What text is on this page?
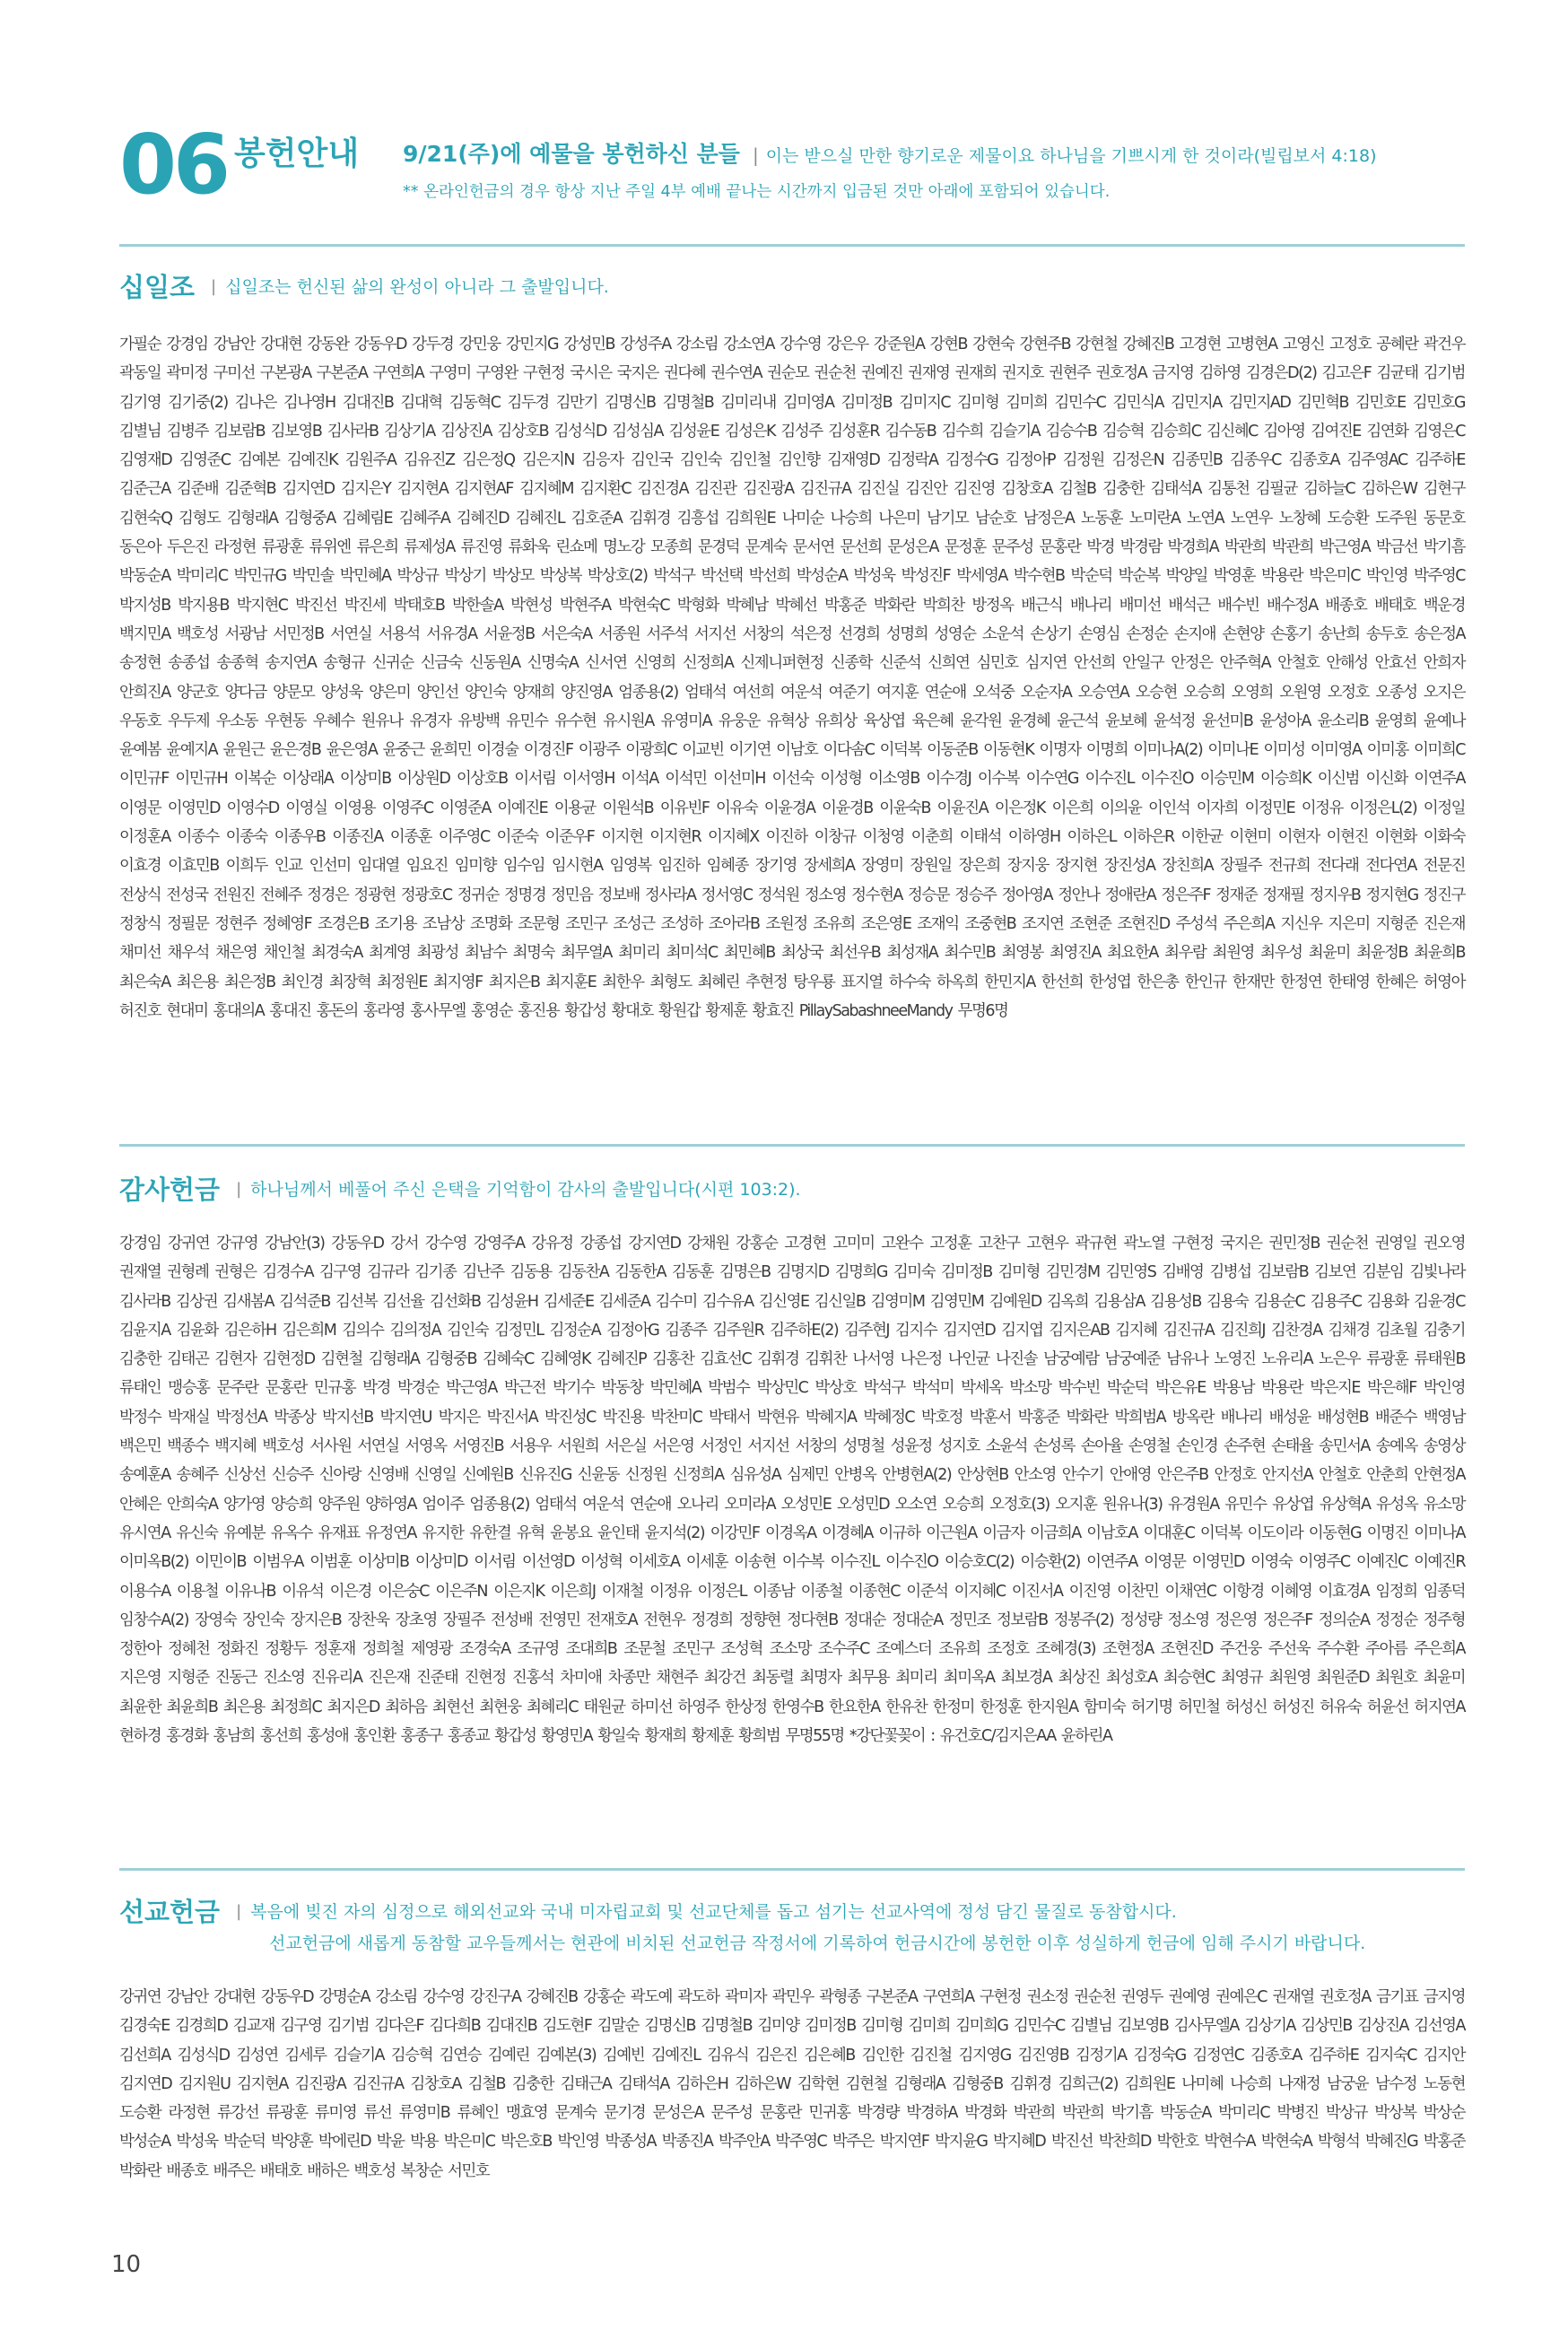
06 봉헌안내 9/21(주)에 예물을 봉헌하신 분들 | 이는 받으실 만한 향기로운 제물이요 하나님을 기쁘시게 한 것이라(빌립보서 4:18)
** 온라인헌금의 경우 항상 지난 주일 4부 예배 끝나는 시간까지 입금된 것만 아래에 포함되어 있습니다.
십일조 | 십일조는 헌신된 삶의 완성이 아니라 그 출발입니다.
가필순 강경임 강남안 강대현 강동완 강동우D 강두경 강민웅 강민지G 강성민B 강성주A 강소림 강소연A 강수영 강은우 강준원A 강현B 강현숙 강현주B 강현철 강혜진B 고경현 고병현A 고영신 고정호 공혜란 곽건우 곽동일 곽미정 구미선 구본광A 구본준A 구연희A 구영미 구영완 구현정 국시은 국지은 권다혜 권수연A 권순모 권순천 권예진 권재영 권재희 권지호 권현주 권호정A 금지영 김하영 김경은D(2) 김고은F 김균태 김기범 김기영 김기중(2) 김나은 김나영H 김대진B 김대혁 김동혁C 김두경 김만기 김명신B 김명철B 김미리내 김미영A 김미정B 김미지C 김미형 김미희 김민수C 김민식A 김민지A 김민지AD 김민혁B 김민호E 김민호G 김별님 김병주 김보람B 김보영B 김사라B 김상기A 김상진A 김상호B 김성식D 김성심A 김성윤E 김성은K 김성주 김성훈R 김수동B 김수희 김슬기A 김승수B 김승혁 김승희C 김신혜C 김아영 김여진E 김연화 김영은C 김영재D 김영준C 김예본 김예진K 김원주A 김유진Z 김은정Q 김은지N 김응자 김인국 김인숙 김인철 김인향 김재영D 김정락A 김정수G 김정아P 김정원 김정은N 김종민B 김종우C 김종호A 김주영AC 김주하E 김준근A 김준배 김준혁B 김지연D 김지은Y 김지현A 김지현AF 김지혜M 김지환C 김진경A 김진관 김진광A 김진규A 김진실 김진안 김진영 김창호A 김철B 김충한 김태석A 김통천 김필균 김하늘C 김하은W 김현구 김현숙Q 김형도 김형래A 김형중A 김혜림E 김혜주A 김혜진D 김혜진L 김호준A 김휘경 김흥섭 김희원E 나미순 나승희 나은미 남기모 남순호 남정은A 노동훈 노미란A 노연A 노연우 노창혜 도승환 도주원 동문호 동은아 두은진 라정현 류광훈 류위엔 류은희 류제성A 류진영 류화욱 린쇼메 명노강 모종희 문경덕 문계숙 문서연 문선희 문성은A 문정훈 문주성 문홍란 박경 박경람 박경희A 박관희 박관희 박근영A 박금선 박기흠 박동순A 박미리C 박민규G 박민솔 박민혜A 박상규 박상기 박상모 박상복 박상호(2) 박석구 박선택 박선희 박성순A 박성욱 박성진F 박세영A 박수현B 박순덕 박순복 박양일 박영훈 박용란 박은미C 박인영 박주영C 박지성B 박지용B 박지현C 박진선 박진세 박태호B 박한솔A 박현성 박현주A 박현숙C 박형화 박혜남 박혜선 박홍준 박화란 박희찬 방정옥 배근식 배나리 배미선 배석근 배수빈 배수정A 배종호 배태호 백운경 백지민A 백호성 서광남 서민정B 서연실 서용석 서유경A 서윤정B 서은숙A 서종원 서주석 서지선 서창의 석은정 선경희 성명희 성영순 소운석 손상기 손영심 손정순 손지애 손현양 손홍기 송난희 송두호 송은정A 송정현 송종섭 송종혁 송지연A 송형규 신귀순 신금숙 신동원A 신명숙A 신서연 신영희 신정희A 신제니퍼현정 신종학 신준석 신희연 심민호 심지연 안선희 안일구 안정은 안주혁A 안철호 안해성 안효선 안희자 안희진A 양군호 양다금 양문모 양성욱 양은미 양인선 양인숙 양재희 양진영A 엄종용(2) 엄태석 여선희 여운석 여준기 여지훈 연순애 오석중 오순자A 오승연A 오승현 오승희 오영희 오원영 오정호 오종성 오지은 우동호 우두제 우소동 우현동 우혜수 원유나 유경자 유방백 유민수 유수현 유시원A 유영미A 유웅운 유혁상 유희상 육상엽 육은혜 윤각원 윤경혜 윤근석 윤보혜 윤석정 윤선미B 윤성아A 윤소리B 윤영희 윤예나 윤예봄 윤예지A 윤원근 윤은경B 윤은영A 윤중근 윤희민 이경술 이경진F 이광주 이광희C 이교빈 이기연 이남호 이다솜C 이덕복 이동준B 이동현K 이명자 이명희 이미나A(2) 이미나E 이미성 이미영A 이미홍 이미희C 이민규F 이민규H 이복순 이상래A 이상미B 이상원D 이상호B 이서림 이서영H 이석A 이석민 이선미H 이선숙 이성형 이소영B 이수경J 이수복 이수연G 이수진L 이수진O 이승민M 이승희K 이신범 이신화 이연주A 이영문 이영민D 이영수D 이영실 이영용 이영주C 이영준A 이예진E 이용균 이원석B 이유빈F 이유숙 이윤경A 이윤경B 이윤숙B 이윤진A 이은정K 이은희 이의윤 이인석 이자희 이정민E 이정유 이정은L(2) 이정일 이정훈A 이종수 이종숙 이종우B 이종진A 이종훈 이주영C 이준숙 이준우F 이지현 이지현R 이지혜X 이진하 이창규 이청영 이춘희 이태석 이하영H 이하은L 이하은R 이한균 이현미 이현자 이현진 이현화 이화숙 이효경 이효민B 이희두 인교 인선미 임대열 임요진 임미향 임수임 임시현A 임영복 임진하 임혜종 장기영 장세희A 장영미 장원일 장은희 장지웅 장지현 장진성A 장친희A 장필주 전규희 전다래 전다연A 전문진 전상식 전성국 전원진 전혜주 정경은 정광현 정광호C 정귀순 정명경 정민음 정보배 정사라A 정서영C 정석원 정소영 정수현A 정승문 정승주 정아영A 정안나 정애란A 정은주F 정재준 정재필 정지우B 정지현G 정진구 정창식 정필문 정현주 정혜영F 조경은B 조기용 조남상 조명화 조문형 조민구 조성근 조성하 조아라B 조원정 조유희 조은영E 조재익 조중현B 조지연 조현준 조현진D 주성석 주은희A 지신우 지은미 지형준 진은재 채미선 채우석 채은영 채인철 최경숙A 최계영 최광성 최남수 최명숙 최무열A 최미리 최미석C 최민혜B 최상국 최선우B 최성재A 최수민B 최영봉 최영진A 최요한A 최우람 최원영 최우성 최윤미 최윤정B 최윤희B 최은숙A 최은용 최은정B 최인경 최장혁 최정원E 최지영F 최지은B 최지훈E 최한우 최형도 최혜린 추현정 탕우룡 표지열 하수숙 하옥희 한민지A 한선희 한성엽 한은총 한인규 한재만 한정연 한태영 한혜은 허영아 허진호 현대미 홍대의A 홍대진 홍돈의 홍라영 홍사무엘 홍영순 홍진용 황갑성 황대호 황원갑 황제훈 황효진 PillaySabashneeMandy 무명6명
감사헌금 | 하나님께서 베풀어 주신 은택을 기억함이 감사의 출발입니다(시편 103:2).
강경임 강귀연 강규영 강남안(3) 강동우D 강서 강수영 강영주A 강유정 강종섭 강지연D 강채원 강홍순 고경현 고미미 고완수 고정훈 고찬구 고현우 곽규현 곽노열 구현정 국지은 권민정B 권순천 권영일 권오영 권재열 권형례 권형은 김경수A 김구영 김규라 김기종 김난주 김동용 김동찬A 김동한A 김동훈 김명은B 김명지D 김명희G 김미숙 김미정B 김미형 김민경M 김민영S 김배영 김병섭 김보람B 김보연 김분임 김빛나라 김사라B 김상권 김새봄A 김석준B 김선복 김선율 김선화B 김성윤H 김세준E 김세준A 김수미 김수유A 김신영E 김신일B 김영미M 김영민M 김예원D 김옥희 김용삼A 김용성B 김용숙 김용순C 김용주C 김용화 김윤경C 김윤지A 김윤화 김은하H 김은희M 김의수 김의정A 김인숙 김정민L 김정순A 김정아G 김종주 김주원R 김주하E(2) 김주현J 김지수 김지연D 김지엽 김지은AB 김지혜 김진규A 김진희J 김찬경A 김채경 김초월 김충기 김충한 김태곤 김현자 김현정D 김현철 김형래A 김형중B 김혜숙C 김혜영K 김혜진P 김홍찬 김효선C 김휘경 김휘찬 나서영 나은정 나인균 나진솔 남궁예람 남궁예준 남유나 노영진 노유리A 노은우 류광훈 류태원B 류태인 맹승홍 문주란 문홍란 민규홍 박경 박경순 박근영A 박근전 박기수 박동창 박민혜A 박범수 박상민C 박상호 박석구 박석미 박세옥 박소망 박수빈 박순덕 박은유E 박용남 박용란 박은지E 박은해F 박인영 박정수 박재실 박정선A 박종상 박지선B 박지연U 박지은 박진서A 박진성C 박진용 박찬미C 박태서 박현유 박혜지A 박혜정C 박호정 박훈서 박홍준 박화란 박희범A 방옥란 배나리 배성윤 배성현B 배준수 백영남 백은민 백종수 백지혜 백호성 서사원 서연실 서영옥 서영진B 서용우 서원희 서은실 서은영 서정인 서지선 서창의 성명철 성윤정 성지호 소윤석 손성록 손아율 손영철 손인경 손주현 손태율 송민서A 송예옥 송영상 송예훈A 송혜주 신상선 신승주 신아랑 신영배 신영일 신예원B 신유진G 신윤동 신정원 신정희A 심유성A 심제민 안병옥 안병현A(2) 안상현B 안소영 안수기 안애영 안은주B 안정호 안지선A 안철호 안춘희 안현정A 안혜은 안희숙A 양가영 양승희 양주원 양하영A 엄이주 엄종용(2) 엄태석 여운석 연순애 오나리 오미라A 오성민E 오성민D 오소연 오승희 오정호(3) 오지훈 원유나(3) 유경원A 유민수 유상엽 유상혁A 유성옥 유소망 유시연A 유신숙 유예분 유옥수 유재표 유정연A 유지한 유한결 유혁 윤봉요 윤인태 윤지석(2) 이강민F 이경옥A 이경혜A 이규하 이근원A 이금자 이금희A 이남호A 이대훈C 이덕복 이도이라 이동현G 이명진 이미나A 이미옥B(2) 이민이B 이범우A 이범훈 이상미B 이상미D 이서림 이선영D 이성혁 이세호A 이세훈 이송현 이수복 이수진L 이수진O 이승호C(2) 이승환(2) 이연주A 이영문 이영민D 이영숙 이영주C 이예진C 이예진R 이용수A 이용철 이유나B 이유석 이은경 이은숭C 이은주N 이은지K 이은희J 이재철 이정유 이정은L 이종남 이종철 이종현C 이준석 이지혜C 이진서A 이진영 이찬민 이채연C 이항경 이혜영 이효경A 임정희 임종덕 임창수A(2) 장영숙 장인숙 장지은B 장찬욱 장초영 장필주 전성배 전영민 전재호A 전현우 정경희 정향현 정다현B 정대순 정대순A 정민조 정보람B 정봉주(2) 정성량 정소영 정은영 정은주F 정의순A 정정순 정주형 정한아 정혜천 정화진 정황두 정훈재 정희철 제영광 조경숙A 조규영 조대희B 조문철 조민구 조성혁 조소망 조수주C 조예스더 조유희 조정호 조혜경(3) 조현정A 조현진D 주건웅 주선욱 주수환 주아름 주은희A 지은영 지형준 진동근 진소영 진유리A 진은재 진준태 진현정 진홍석 차미애 차종만 채현주 최강건 최동렬 최명자 최무용 최미리 최미옥A 최보경A 최상진 최성호A 최승현C 최영규 최원영 최원준D 최원호 최윤미 최윤한 최윤희B 최은용 최정희C 최지은D 최하음 최현선 최현웅 최혜리C 태원균 하미선 하영주 한상정 한영수B 한요한A 한유찬 한정미 한정훈 한지원A 함미숙 허기명 허민철 허성신 허성진 허유숙 허윤선 허지연A 현하경 홍경화 홍남희 홍선희 홍성애 홍인환 홍종구 홍종교 황갑성 황영민A 황일숙 황재희 황제훈 황희범 무명55명 *강단꽃꽂이 : 유건호C/김지은AA 윤하린A
선교헌금 | 복음에 빚진 자의 심정으로 해외선교와 국내 미자립교회 및 선교단체를 돕고 섬기는 선교사역에 정성 담긴 물질로 동참합시다.
선교헌금에 새롭게 동참할 교우들께서는 현관에 비치된 선교헌금 작정서에 기록하여 헌금시간에 봉헌한 이후 성실하게 헌금에 임해 주시기 바랍니다.
강귀연 강남안 강대현 강동우D 강명순A 강소림 강수영 강진구A 강혜진B 강홍순 곽도예 곽도하 곽미자 곽민우 곽형종 구본준A 구연희A 구현정 권소정 권순천 권영두 권예영 권예은C 권재열 권호정A 금기표 금지영 김경숙E 김경희D 김교재 김구영 김기범 김다은F 김다희B 김대진B 김도현F 김말순 김명신B 김명철B 김미양 김미정B 김미형 김미희 김미희G 김민수C 김별님 김보영B 김사무엘A 김상기A 김상민B 김상진A 김선영A 김선희A 김성식D 김성연 김세루 김슬기A 김승혁 김연승 김예린 김예본(3) 김예빈 김예진L 김유식 김은진 김은혜B 김인한 김진철 김지영G 김진영B 김정기A 김정숙G 김정연C 김종호A 김주하E 김지숙C 김지안 김지연D 김지원U 김지현A 김진광A 김진규A 김창호A 김철B 김충한 김태근A 김태석A 김하은H 김하은W 김학현 김현철 김형래A 김형중B 김휘경 김희근(2) 김희원E 나미혜 나승희 나재정 남궁윤 남수정 노동현 도승환 라정현 류강선 류광훈 류미영 류선 류영미B 류혜인 맹효영 문계숙 문기경 문성은A 문주성 문홍란 민귀홍 박경량 박경하A 박경화 박관희 박관희 박기흠 박동순A 박미리C 박병진 박상규 박상복 박상순 박성순A 박성욱 박순덕 박양훈 박에린D 박윤 박용 박은미C 박은호B 박인영 박종성A 박종진A 박주안A 박주영C 박주은 박지연F 박지윤G 박지혜D 박진선 박찬희D 박한호 박현수A 박현숙A 박형석 박혜진G 박홍준 박화란 배종호 배주은 배태호 배하은 백호성 복창순 서민호
10
